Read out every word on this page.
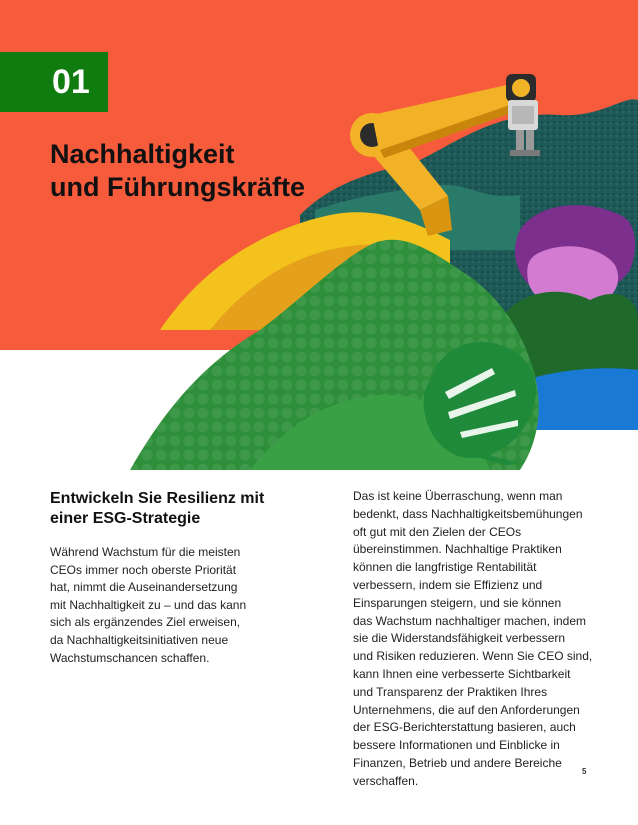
01
Nachhaltigkeit
und Führungskräfte
Entwickeln Sie Resilienz mit
einer ESG-Strategie

Während Wachstum für die meisten
CEOs immer noch oberste Priorität
hat, nimmt die Auseinandersetzung
mit Nachhaltigkeit zu – und das kann
sich als ergänzendes Ziel erweisen,
da Nachhaltigkeitsinitiativen neue
Wachstumschancen schaffen.

Das ist keine Überraschung, wenn man
bedenkt, dass Nachhaltigkeitsbemühungen
oft gut mit den Zielen der CEOs
übereinstimmen. Nachhaltige Praktiken
können die langfristige Rentabilität
verbessern, indem sie Effizienz und
Einsparungen steigern, und sie können
das Wachstum nachhaltiger machen, indem
sie die Widerstandsfähigkeit verbessern
und Risiken reduzieren. Wenn Sie CEO sind,
kann Ihnen eine verbesserte Sichtbarkeit
und Transparenz der Praktiken Ihres
Unternehmens, die auf den Anforderungen
der ESG-Berichterstattung basieren, auch
bessere Informationen und Einblicke in
Finanzen, Betrieb und andere Bereiche
verschaffen.

5
